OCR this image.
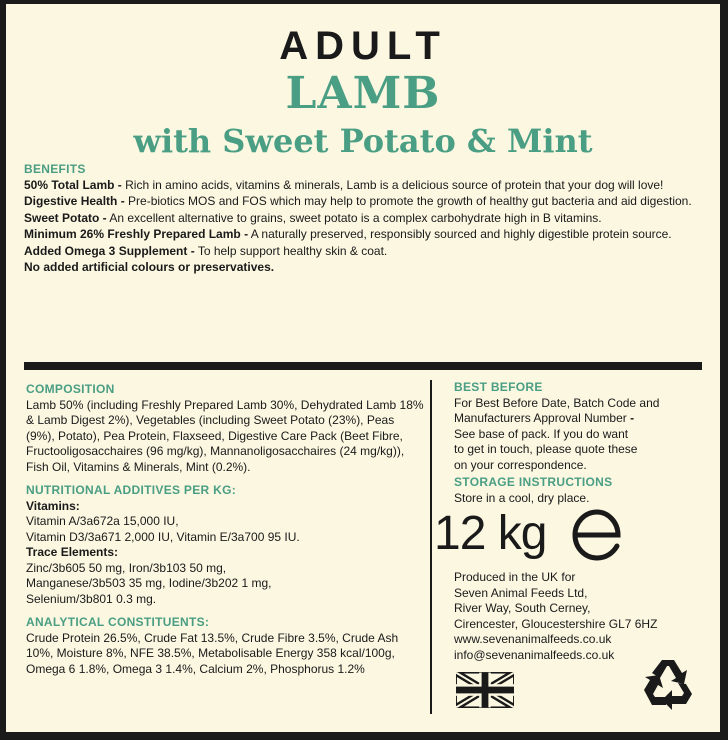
ADULT
LAMB
with Sweet Potato & Mint
BENEFITS

50% Total Lamb - Rich in amino acids, vitamins & minerals, Lamb is a delicious source of protein that your dog will love!

Digestive Health - Pre-biotics MOS and FOS which may help to promote the growth of healthy gut bacteria and aid digestion.

Sweet Potato - An excellent alternative to grains, sweet potato is a complex carbohydrate high in B vitamins.

Minimum 26% Freshly Prepared Lamb - A naturally preserved, responsibly sourced and highly digestible protein source.

Added Omega 3 Supplement - To help support healthy skin & coat.

No added artificial colours or preservatives.

COMPOSITION
Lamb 50% (including Freshly Prepared Lamb 30%, Dehydrated Lamb 18% & Lamb Digest 2%), Vegetables (including Sweet Potato (23%), Peas (9%), Potato), Pea Protein, Flaxseed, Digestive Care Pack (Beet Fibre, Fructooligosacchaires (96 mg/kg), Mannanoligosacchaires (24 mg/kg)), Fish Oil, Vitamins & Minerals, Mint (0.2%).
NUTRITIONAL ADDITIVES PER KG:
Vitamins:
Vitamin A/3a672a 15,000 IU,
Vitamin D3/3a671 2,000 IU, Vitamin E/3a700 95 IU.
Trace Elements:
Zinc/3b605 50 mg, Iron/3b103 50 mg,
Manganese/3b503 35 mg, Iodine/3b202 1 mg,
Selenium/3b801 0.3 mg.
ANALYTICAL CONSTITUENTS:
Crude Protein 26.5%, Crude Fat 13.5%, Crude Fibre 3.5%, Crude Ash 10%, Moisture 8%, NFE 38.5%, Metabolisable Energy 358 kcal/100g, Omega 6 1.8%, Omega 3 1.4%, Calcium 2%, Phosphorus 1.2%
BEST BEFORE
For Best Before Date, Batch Code and
Manufacturers Approval Number -
See base of pack. If you do want
to get in touch, please quote these
on your correspondence.
STORAGE INSTRUCTIONS
Store in a cool, dry place.
12 kg
Produced in the UK for
Seven Animal Feeds Ltd,
River Way, South Cerney,
Cirencester, Gloucestershire GL7 6HZ
www.sevenanimalfeeds.co.uk
info@sevenanimalfeeds.co.uk
